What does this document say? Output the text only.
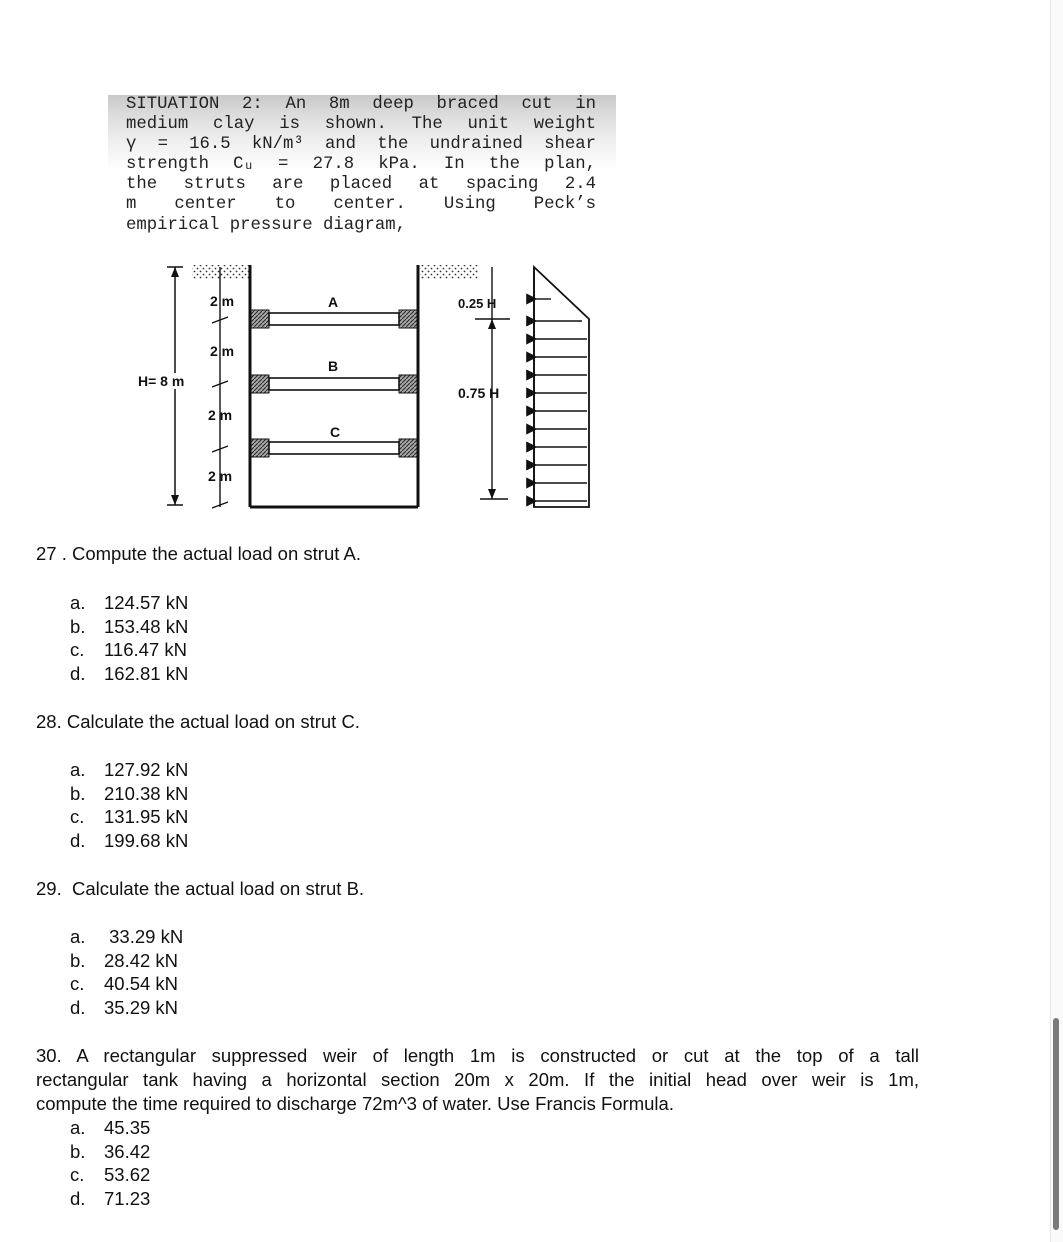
SITUATION 2: An 8m deep braced cut in
medium clay is shown. The unit weight
γ = 16.5 kN/m³ and the undrained shear
strength Cᵤ = 27.8 kPa. In the plan,
the struts are placed at spacing 2.4
m center to center. Using Peck’s
empirical pressure diagram,
A
B
C
H= 8 m
2 m
2 m
2 m
2 m
0.25 H
0.75 H
27 . Compute the actual load on strut A.
a.	124.57 kN
b.	153.48 kN
c.	116.47 kN
d.	162.81 kN
28. Calculate the actual load on strut C.
a.	127.92 kN
b.	210.38 kN
c.	131.95 kN
d.	199.68 kN
29.  Calculate the actual load on strut B.
a.	33.29 kN
b.	28.42 kN
c.	40.54 kN
d.	35.29 kN
30. A rectangular suppressed weir of length 1m is constructed or cut at the top of a tall
rectangular tank having a horizontal section 20m x 20m. If the initial head over weir is 1m,
compute the time required to discharge 72m^3 of water. Use Francis Formula.
a.	45.35
b.	36.42
c.	53.62
d.	71.23
